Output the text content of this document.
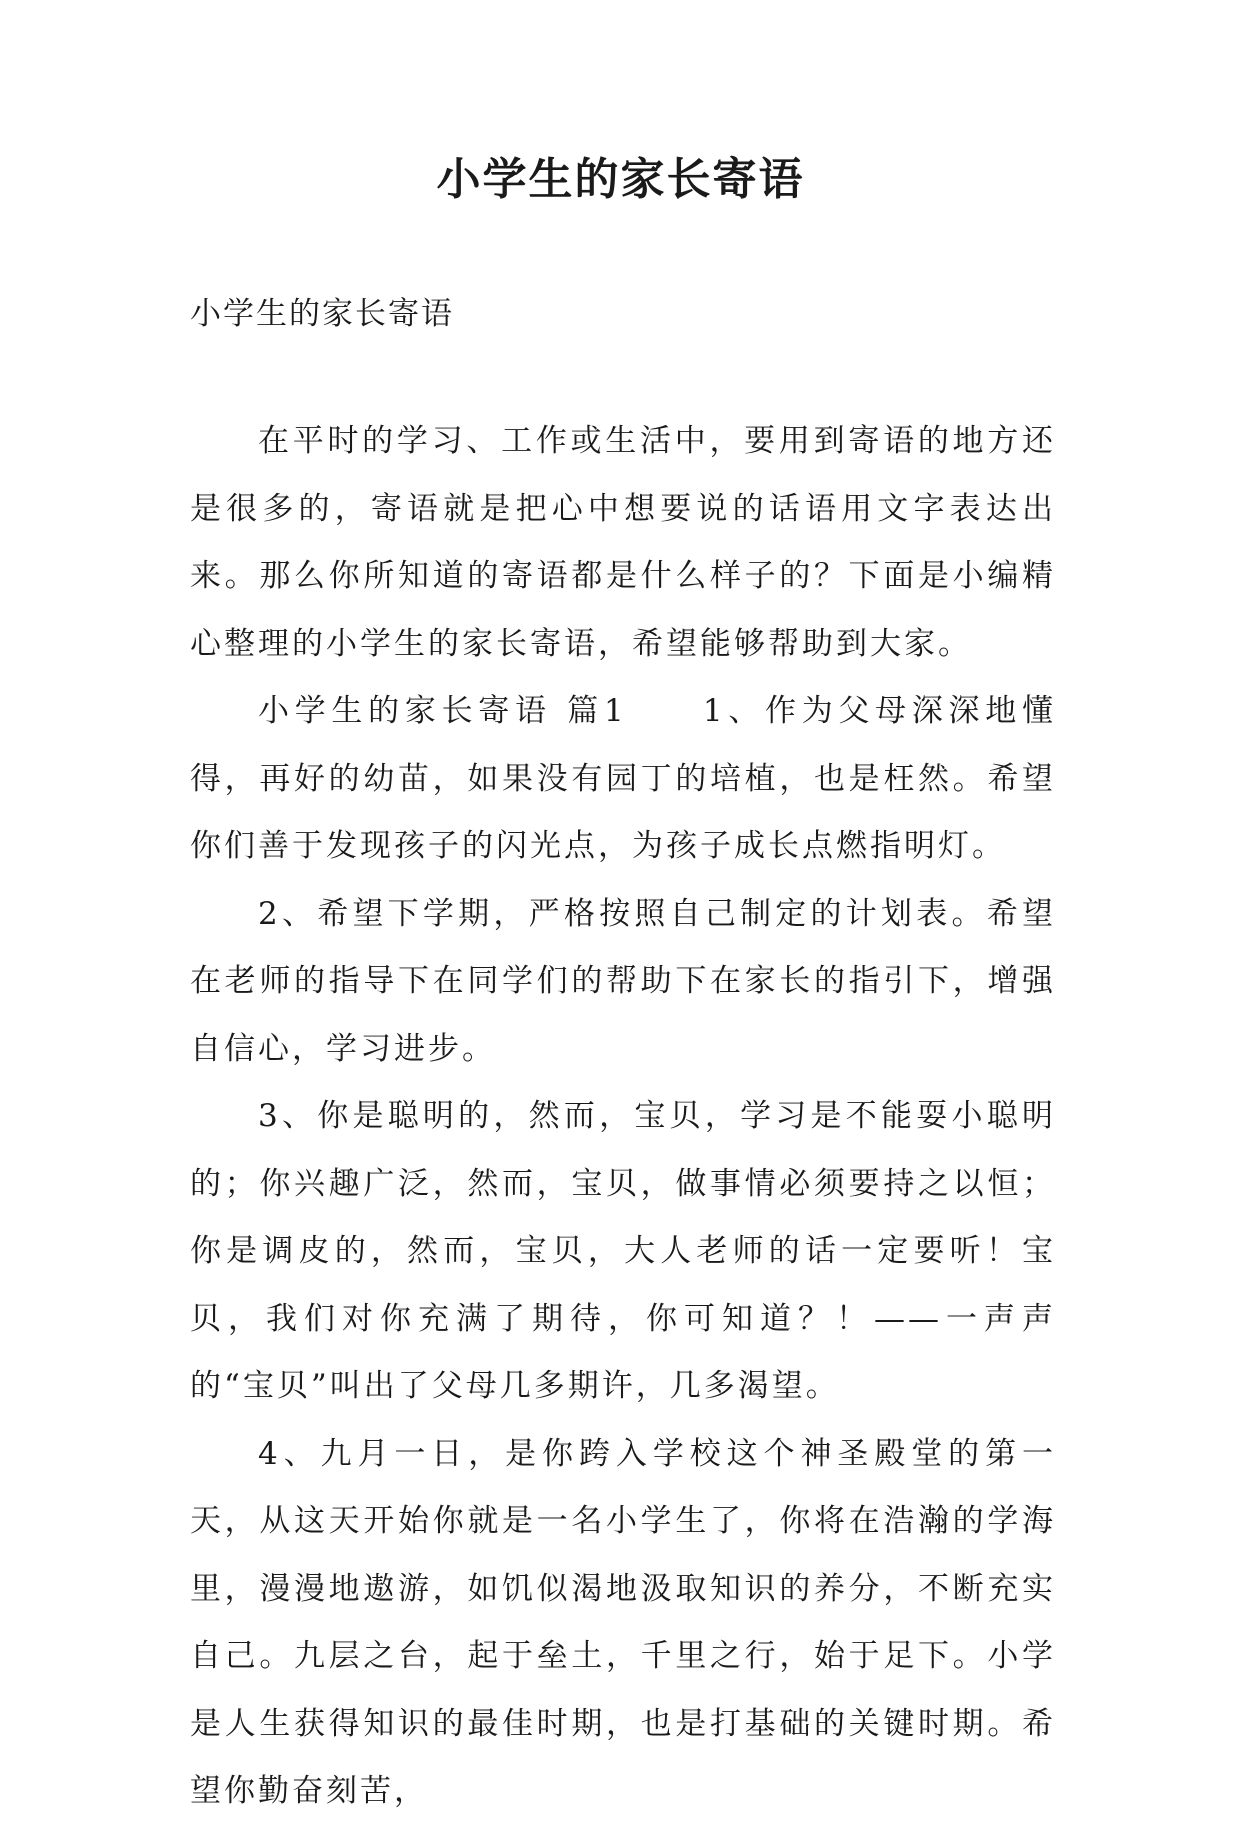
小学生的家长寄语

小学生的家长寄语

在平时的学习、工作或生活中，要用到寄语的地方还是很多的，寄语就是把心中想要说的话语用文字表达出来。那么你所知道的寄语都是什么样子的？下面是小编精心整理的小学生的家长寄语，希望能够帮助到大家。

小学生的家长寄语 篇1　　1、作为父母深深地懂得，再好的幼苗，如果没有园丁的培植，也是枉然。希望你们善于发现孩子的闪光点，为孩子成长点燃指明灯。

2、希望下学期，严格按照自己制定的计划表。希望在老师的指导下在同学们的帮助下在家长的指引下，增强自信心，学习进步。

3、你是聪明的，然而，宝贝，学习是不能耍小聪明的；你兴趣广泛，然而，宝贝，做事情必须要持之以恒；你是调皮的，然而，宝贝，大人老师的话一定要听！宝贝，我们对你充满了期待，你可知道？！——一声声的“宝贝”叫出了父母几多期许，几多渴望。

4、九月一日，是你跨入学校这个神圣殿堂的第一天，从这天开始你就是一名小学生了，你将在浩瀚的学海里，漫漫地遨游，如饥似渴地汲取知识的养分，不断充实自己。九层之台，起于垒土，千里之行，始于足下。小学是人生获得知识的最佳时期，也是打基础的关键时期。希望你勤奋刻苦，
